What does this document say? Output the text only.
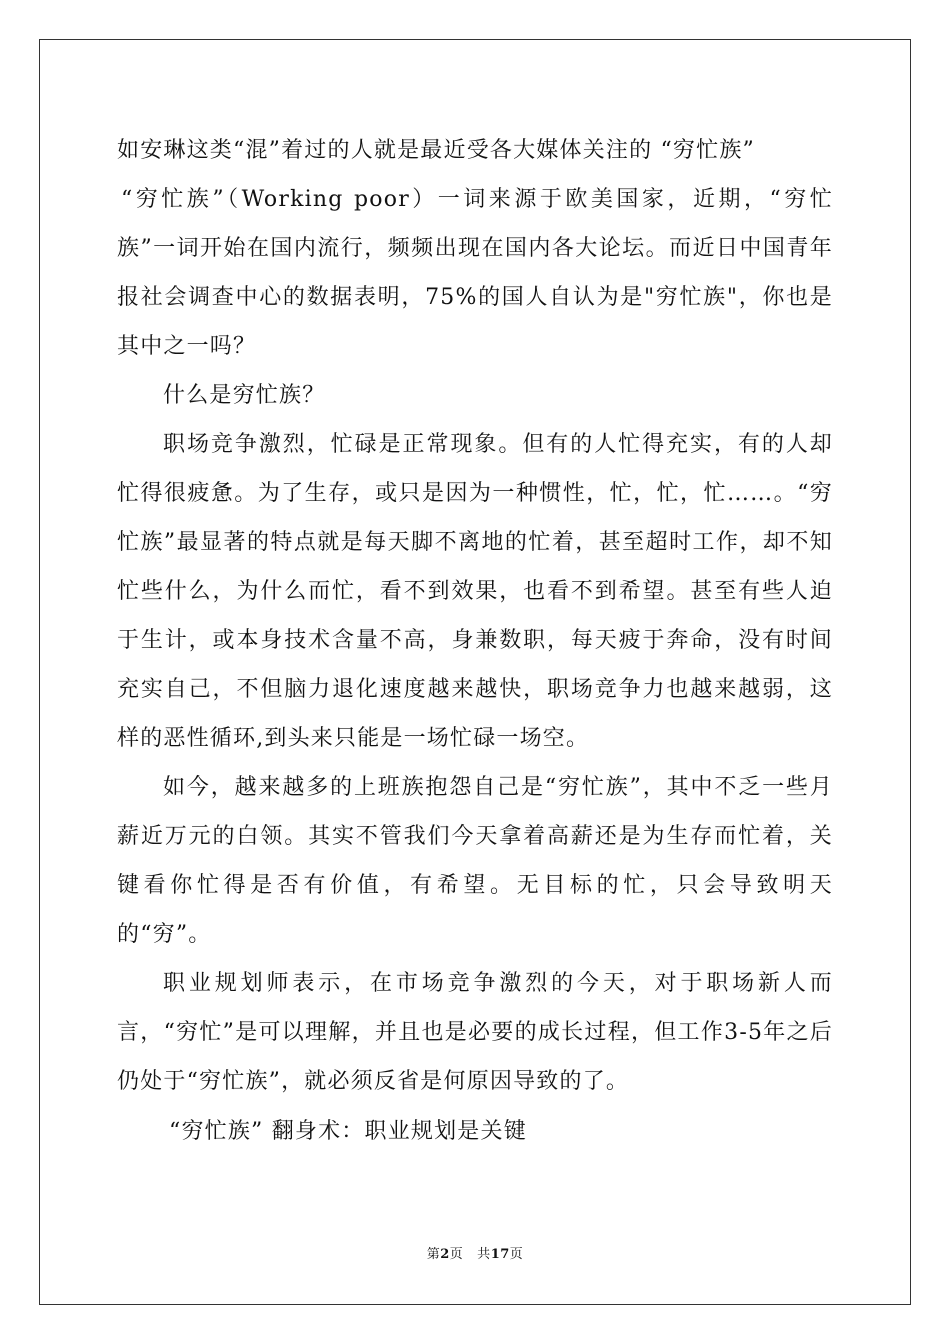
如安琳这类“混”着过的人就是最近受各大媒体关注的 “穷忙族”

“穷忙族”（Working poor）一词来源于欧美国家，近期，“穷忙族”一词开始在国内流行，频频出现在国内各大论坛。而近日中国青年报社会调查中心的数据表明，75%的国人自认为是"穷忙族"，你也是其中之一吗？

什么是穷忙族？

职场竞争激烈，忙碌是正常现象。但有的人忙得充实，有的人却忙得很疲惫。为了生存，或只是因为一种惯性，忙，忙，忙……。“穷忙族”最显著的特点就是每天脚不离地的忙着，甚至超时工作，却不知忙些什么，为什么而忙，看不到效果，也看不到希望。甚至有些人迫于生计，或本身技术含量不高，身兼数职，每天疲于奔命，没有时间充实自己，不但脑力退化速度越来越快，职场竞争力也越来越弱，这样的恶性循环,到头来只能是一场忙碌一场空。

如今，越来越多的上班族抱怨自己是“穷忙族”，其中不乏一些月薪近万元的白领。其实不管我们今天拿着高薪还是为生存而忙着，关键看你忙得是否有价值，有希望。无目标的忙，只会导致明天的“穷”。

职业规划师表示，在市场竞争激烈的今天，对于职场新人而言，“穷忙”是可以理解，并且也是必要的成长过程，但工作3-5年之后仍处于“穷忙族”，就必须反省是何原因导致的了。

“穷忙族” 翻身术：职业规划是关键

第2页 共17页
